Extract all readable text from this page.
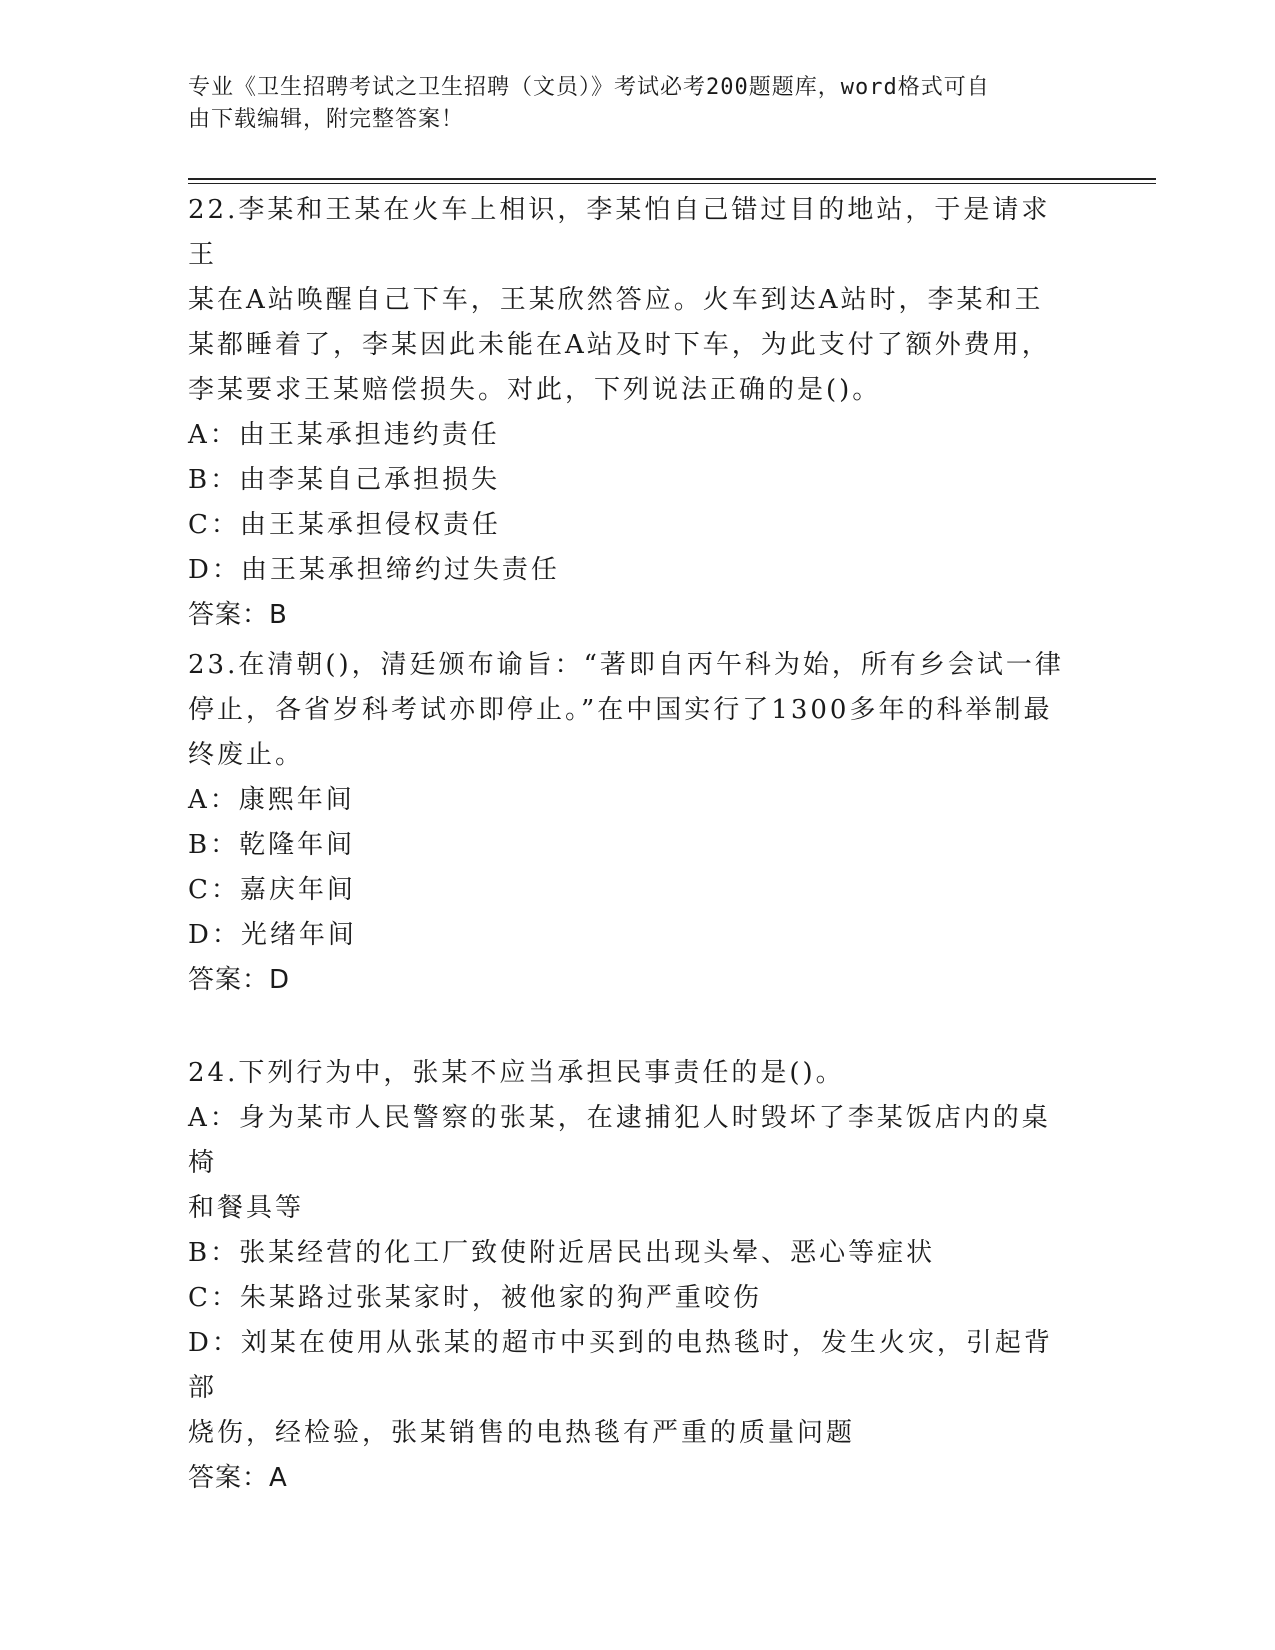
专业《卫生招聘考试之卫生招聘（文员）》考试必考200题题库，word格式可自
由下载编辑，附完整答案！
22.李某和王某在火车上相识，李某怕自己错过目的地站，于是请求王
某在A站唤醒自己下车，王某欣然答应。火车到达A站时，李某和王
某都睡着了，李某因此未能在A站及时下车，为此支付了额外费用，
李某要求王某赔偿损失。对此，下列说法正确的是()。
A：由王某承担违约责任
B：由李某自己承担损失
C：由王某承担侵权责任
D：由王某承担缔约过失责任
答案：B
23.在清朝()，清廷颁布谕旨：“著即自丙午科为始，所有乡会试一律
停止，各省岁科考试亦即停止。”在中国实行了1300多年的科举制最
终废止。
A：康熙年间
B：乾隆年间
C：嘉庆年间
D：光绪年间
答案：D
24.下列行为中，张某不应当承担民事责任的是()。
A：身为某市人民警察的张某，在逮捕犯人时毁坏了李某饭店内的桌椅
和餐具等
B：张某经营的化工厂致使附近居民出现头晕、恶心等症状
C：朱某路过张某家时，被他家的狗严重咬伤
D：刘某在使用从张某的超市中买到的电热毯时，发生火灾，引起背部
烧伤，经检验，张某销售的电热毯有严重的质量问题
答案：A
